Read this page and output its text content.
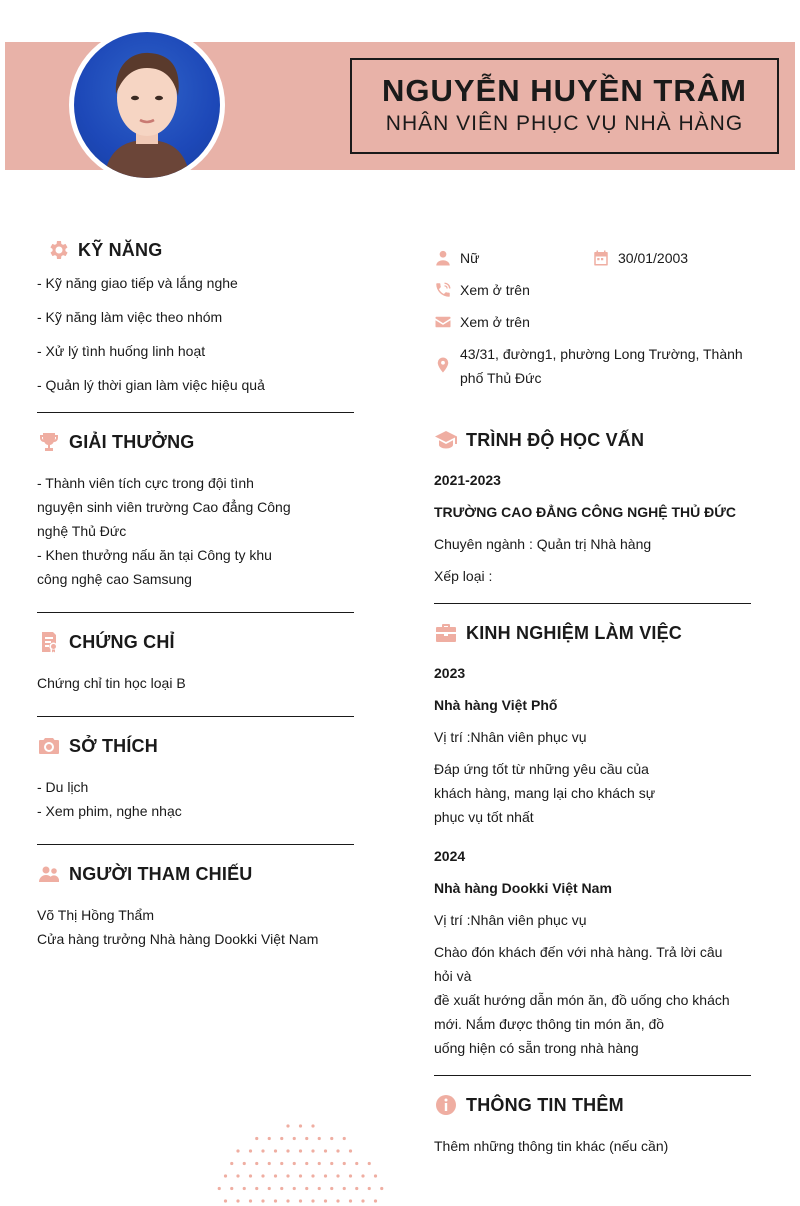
NGUYỄN HUYỀN TRÂM
NHÂN VIÊN PHỤC VỤ NHÀ HÀNG
KỸ NĂNG
- Kỹ năng giao tiếp và lắng nghe
- Kỹ năng làm việc theo nhóm
- Xử lý tình huống linh hoạt
- Quản lý thời gian làm việc hiệu quả
GIẢI THƯỞNG
- Thành viên tích cực trong đội tình
nguyện sinh viên trường Cao đẳng Công
nghệ Thủ Đức
- Khen thưởng nấu ăn tại Công ty khu
công nghệ cao Samsung
CHỨNG CHỈ
Chứng chỉ tin học loại B
SỞ THÍCH
- Du lịch
- Xem phim, nghe nhạc
NGƯỜI THAM CHIẾU
Võ Thị Hồng Thẩm
Cửa hàng trưởng Nhà hàng Dookki Việt Nam
Nữ	30/01/2003
Xem ở trên
Xem ở trên
43/31, đường1, phường Long Trường, Thành
phố Thủ Đức
TRÌNH ĐỘ HỌC VẤN
2021-2023
TRƯỜNG CAO ĐẲNG CÔNG NGHỆ THỦ ĐỨC
Chuyên ngành : Quản trị Nhà hàng
Xếp loại :
KINH NGHIỆM LÀM VIỆC
2023
Nhà hàng Việt Phố
Vị trí :Nhân viên phục vụ
Đáp ứng tốt từ những yêu cầu của
khách hàng, mang lại cho khách sự
phục vụ tốt nhất
2024
Nhà hàng Dookki Việt Nam
Vị trí :Nhân viên phục vụ
Chào đón khách đến với nhà hàng. Trả lời câu
hỏi và
đề xuất hướng dẫn món ăn, đồ uống cho khách
mới. Nắm được thông tin món ăn, đồ
uống hiện có sẵn trong nhà hàng
THÔNG TIN THÊM
Thêm những thông tin khác (nếu cần)
